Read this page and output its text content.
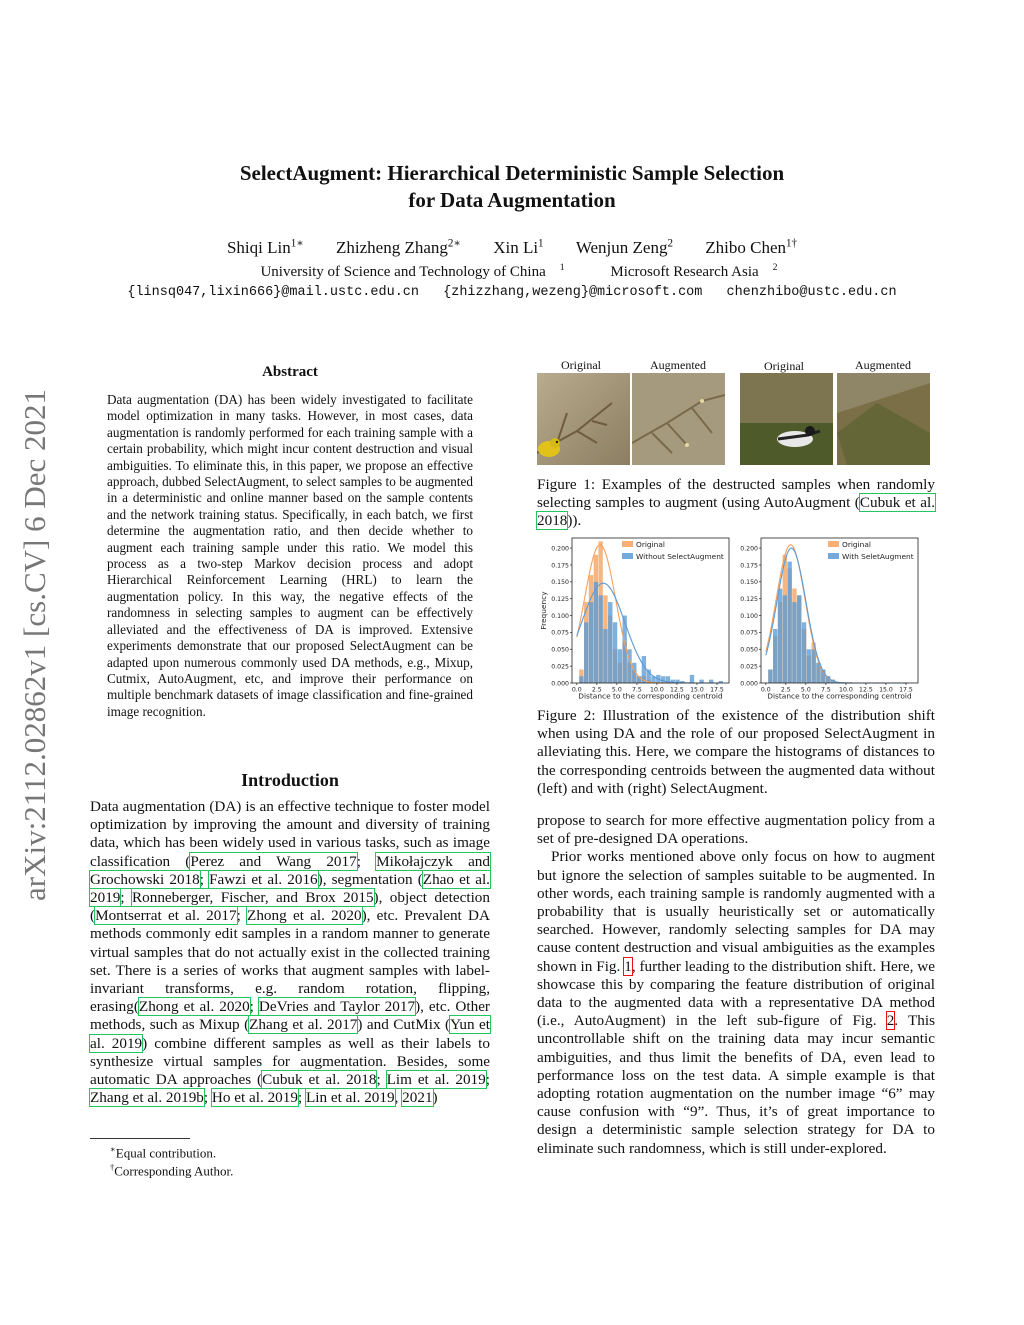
SelectAugment: Hierarchical Deterministic Sample Selection
for Data Augmentation
Shiqi Lin$^{1∗}$ Zhizheng Zhang$^{2∗}$ Xin Li$^1$ Wenjun Zeng$^2$ Zhibo Chen$^{1\dagger}$
University of Science and Technology of China $^1$	Microsoft Research Asia $^2$
{linsq047,lixin666}@mail.ustc.edu.cn {zhizzhang,wezeng}@microsoft.com chenzhibo@ustc.edu.cn
arXiv:2112.02862v1 [cs.CV] 6 Dec 2021
Abstract
Data augmentation (DA) has been widely investigated to facilitate model optimization in many tasks. However, in most cases, data augmentation is randomly performed for each training sample with a certain probability, which might incur content destruction and visual ambiguities. To eliminate this, in this paper, we propose an effective approach, dubbed SelectAugment, to select samples to be augmented in a deterministic and online manner based on the sample contents and the network training status. Specifically, in each batch, we first determine the augmentation ratio, and then decide whether to augment each training sample under this ratio. We model this process as a two-step Markov decision process and adopt Hierarchical Reinforcement Learning (HRL) to learn the augmentation policy. In this way, the negative effects of the randomness in selecting samples to augment can be effectively alleviated and the effectiveness of DA is improved. Extensive experiments demonstrate that our proposed SelectAugment can be adapted upon numerous commonly used DA methods, e.g., Mixup, Cutmix, AutoAugment, etc, and improve their performance on multiple benchmark datasets of image classification and fine-grained image recognition.
Introduction
Data augmentation (DA) is an effective technique to foster model optimization by improving the amount and diversity of training data, which has been widely used in various tasks, such as image classification (Perez and Wang 2017; Mikołajczyk and Grochowski 2018; Fawzi et al. 2016), segmentation (Zhao et al. 2019; Ronneberger, Fischer, and Brox 2015), object detection (Montserrat et al. 2017; Zhong et al. 2020), etc. Prevalent DA methods commonly edit samples in a random manner to generate virtual samples that do not actually exist in the collected training set. There is a series of works that augment samples with label-invariant transforms, e.g. random rotation, flipping, erasing(Zhong et al. 2020; DeVries and Taylor 2017), etc. Other methods, such as Mixup (Zhang et al. 2017) and CutMix (Yun et al. 2019) combine different samples as well as their labels to synthesize virtual samples for augmentation. Besides, some automatic DA approaches (Cubuk et al. 2018; Lim et al. 2019; Zhang et al. 2019b; Ho et al. 2019; Lin et al. 2019, 2021)
∗Equal contribution.
†Corresponding Author.
Original	Augmented	Original	Augmented
Figure 1: Examples of the destructed samples when randomly selecting samples to augment (using AutoAugment (Cubuk et al. 2018)).
0.000
0.025
0.050
0.075
0.100
0.125
0.150
0.175
0.200
0.0 2.5 5.0 7.5 10.0 12.5 15.0 17.5
Distance to the corresponding centroid
Frequency
Original
Without SelectAugment
0.000
0.025
0.050
0.075
0.100
0.125
0.150
0.175
0.200
0.0 2.5 5.0 7.5 10.0 12.5 15.0 17.5
Distance to the corresponding centroid
Original
With SeletAugment
Figure 2: Illustration of the existence of the distribution shift when using DA and the role of our proposed SelectAugment in alleviating this. Here, we compare the histograms of distances to the corresponding centroids between the augmented data without (left) and with (right) SelectAugment.

propose to search for more effective augmentation policy from a set of pre-designed DA operations.

Prior works mentioned above only focus on how to augment but ignore the selection of samples suitable to be augmented. In other words, each training sample is randomly augmented with a probability that is usually heuristically set or automatically searched. However, randomly selecting samples for DA may cause content destruction and visual ambiguities as the examples shown in Fig. 1, further leading to the distribution shift. Here, we showcase this by comparing the feature distribution of original data to the augmented data with a representative DA method (i.e., AutoAugment) in the left sub-figure of Fig. 2. This uncontrollable shift on the training data may incur semantic ambiguities, and thus limit the benefits of DA, even lead to performance loss on the test data. A simple example is that adopting rotation augmentation on the number image “6” may cause confusion with “9”. Thus, it’s of great importance to design a deterministic sample selection strategy for DA to eliminate such randomness, which is still under-explored.
